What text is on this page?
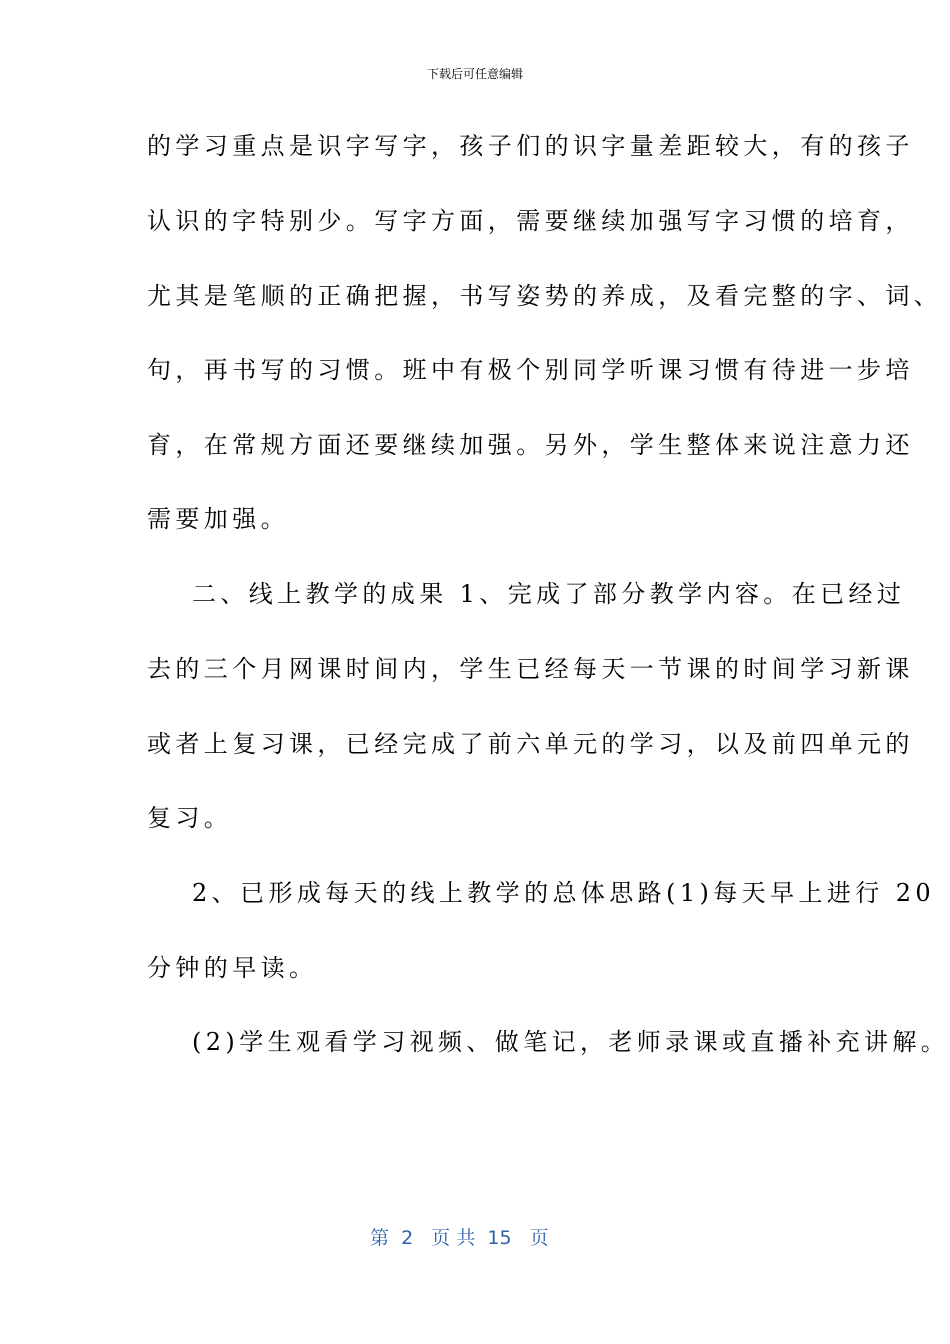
下载后可任意编辑
的学习重点是识字写字，孩子们的识字量差距较大，有的孩子
认识的字特别少。写字方面，需要继续加强写字习惯的培育，
尤其是笔顺的正确把握，书写姿势的养成，及看完整的字、词、
句，再书写的习惯。班中有极个别同学听课习惯有待进一步培
育，在常规方面还要继续加强。另外，学生整体来说注意力还
需要加强。
二、线上教学的成果 1、完成了部分教学内容。在已经过
去的三个月网课时间内，学生已经每天一节课的时间学习新课
或者上复习课，已经完成了前六单元的学习，以及前四单元的
复习。
2、已形成每天的线上教学的总体思路(1)每天早上进行 20
分钟的早读。
(2)学生观看学习视频、做笔记，老师录课或直播补充讲解。
第  2   页 共  15   页
